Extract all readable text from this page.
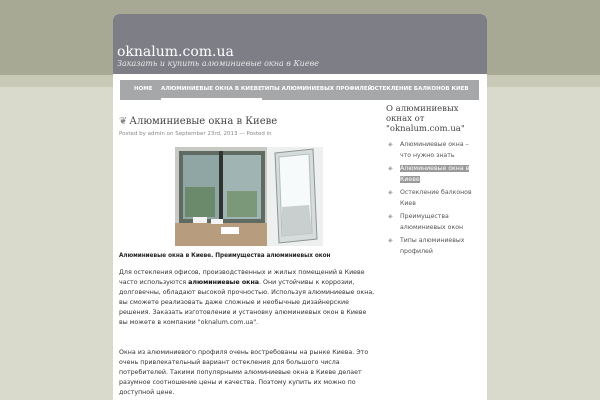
oknalum.com.ua
Заказать и купить алюминиевые окна в Киеве
HOME АЛЮМИНИЕВЫЕ ОКНА В КИЕВЕ ТИПЫ АЛЮМИНИЕВЫХ ПРОФИЛЕЙ
ОСТЕКЛЕНИЕ БАЛКОНОВ КИЕВ
❦ Алюминиевые окна в Киеве
Posted by admin on September 23rd, 2013 — Posted in
Алюминиевые окна в Киеве. Преимущества алюминиевых окон
Для остекления офисов, производственных и жилых помещений в Киеве часто используются алюминиевые окна. Они устойчивы к коррозии, долговечны, обладают высокой прочностью. Используя алюминиевые окна, вы сможете реализовать даже сложные и необычные дизайнерские решения. Заказать изготовление и установку алюминиевых окон в Киеве вы можете в компании "oknalum.com.ua".
Окна из алюминиевого профиля очень востребованы на рынке Киева. Это очень привлекательный вариант остекления для большого числа потребителей. Такими популярными алюминиевые окна в Киеве делает разумное соотношение цены и качества. Поэтому купить их можно по доступной цене.
О алюминиевых окнах от "oknalum.com.ua"
◈ Алюминиевые окна – что нужно знать
◈ Алюминиевые окна в Киеве
◈ Остекление балконов Киев
◈ Преимущества алюминиевых окон
◈ Типы алюминиевых профилей
